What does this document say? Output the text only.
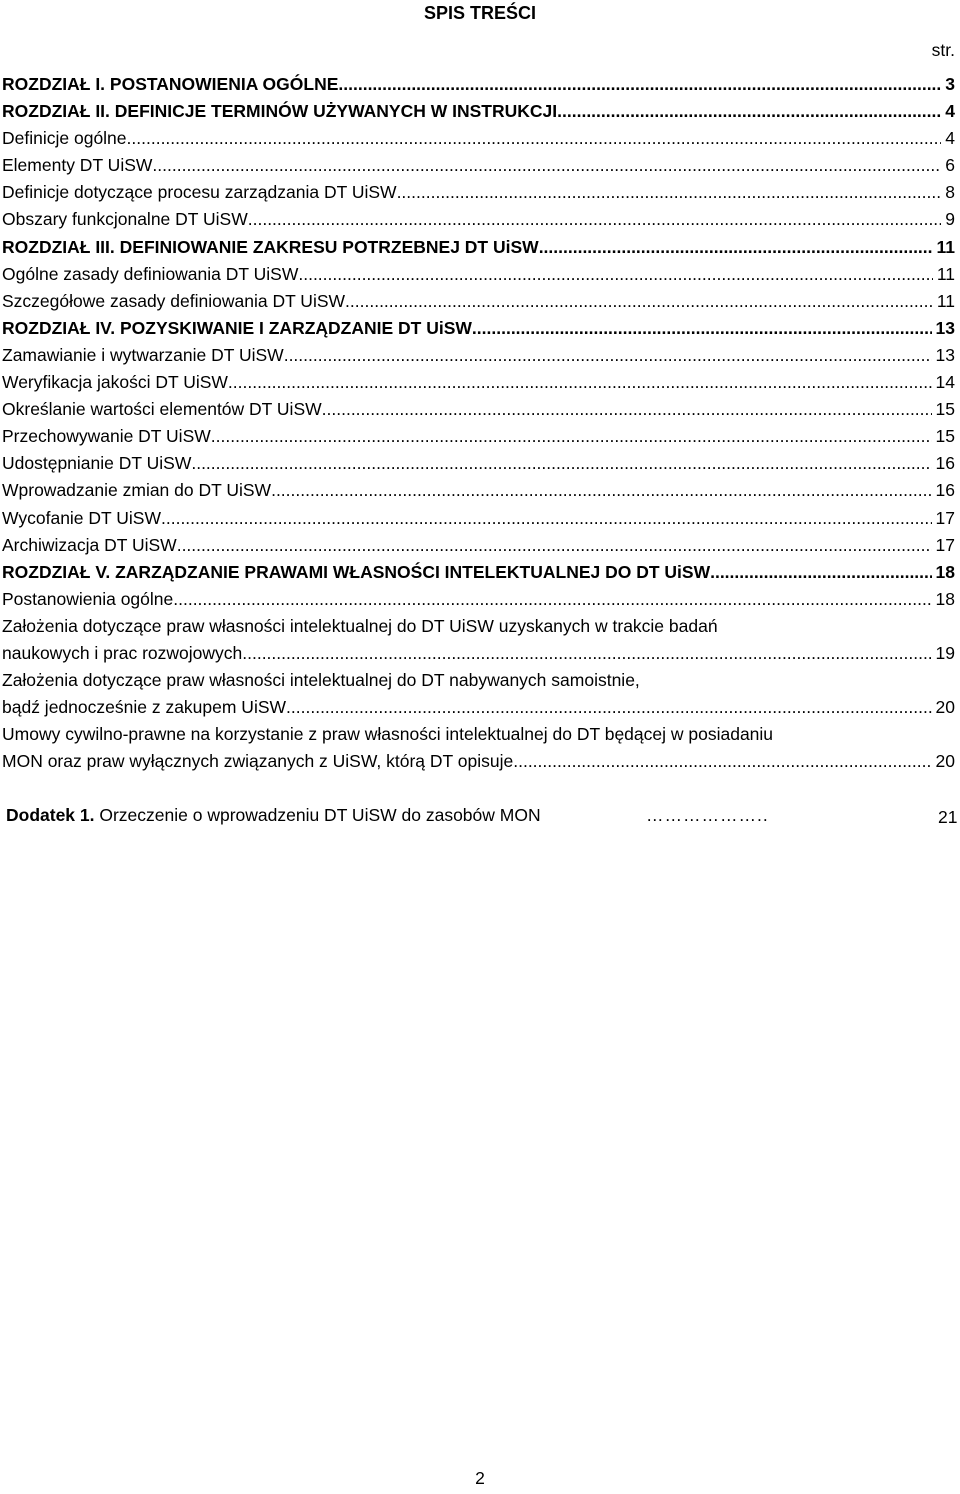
SPIS TREŚCI
str.
ROZDZIAŁ I. POSTANOWIENIA OGÓLNE .....	3
ROZDZIAŁ II. DEFINICJE TERMINÓW UŻYWANYCH W INSTRUKCJI .....	4
Definicje ogólne .....	4
Elementy DT UiSW .....	6
Definicje dotyczące procesu zarządzania DT UiSW .....	8
Obszary funkcjonalne DT UiSW .....	9
ROZDZIAŁ III. DEFINIOWANIE ZAKRESU POTRZEBNEJ DT UiSW .....	11
Ogólne zasady definiowania DT UiSW .....	11
Szczegółowe zasady definiowania DT UiSW .....	11
ROZDZIAŁ IV. POZYSKIWANIE I ZARZĄDZANIE DT UiSW .....	13
Zamawianie i wytwarzanie DT UiSW .....	13
Weryfikacja jakości DT UiSW .....	14
Określanie wartości elementów DT UiSW .....	15
Przechowywanie DT UiSW .....	15
Udostępnianie DT UiSW .....	16
Wprowadzanie zmian do DT UiSW .....	16
Wycofanie DT UiSW .....	17
Archiwizacja DT UiSW .....	17
ROZDZIAŁ V. ZARZĄDZANIE PRAWAMI WŁASNOŚCI INTELEKTUALNEJ DO DT UiSW .....	18
Postanowienia ogólne .....	18
Założenia dotyczące praw własności intelektualnej do DT UiSW uzyskanych w trakcie badań
naukowych i prac rozwojowych .....	19
Założenia dotyczące praw własności intelektualnej do DT nabywanych samoistnie,
bądź jednocześnie z zakupem UiSW .....	20
Umowy cywilno-prawne na korzystanie z praw własności intelektualnej do DT będącej w posiadaniu
MON oraz praw wyłącznych związanych z UiSW, którą DT opisuje .....	20
Dodatek 1. Orzeczenie o wprowadzeniu DT UiSW do zasobów MON	………………..	21
2
